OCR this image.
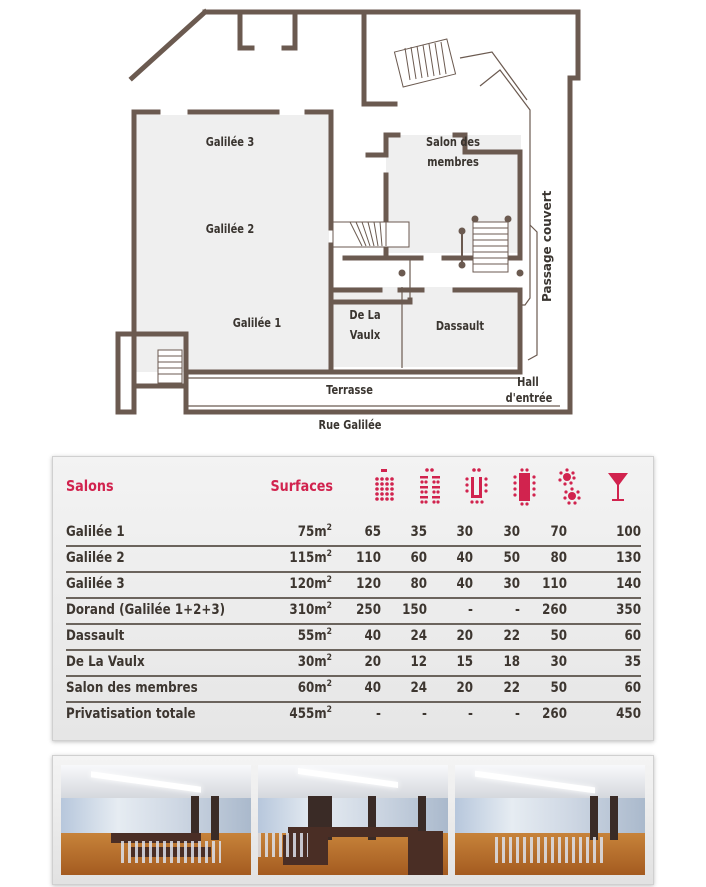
Galilée 3
Galilée 2
Galilée 1
Salon des
membres
De La
Vaulx
Dassault
Terrasse
Hall
d'entrée
Passage couvert
Rue Galilée
Salons	Surfaces
Galilée 1	$75m^2$	65	35	30	30	70	100
Galilée 2	$115m^2$	110	60	40	50	80	130
Galilée 3	$120m^2$	120	80	40	30	110	140
Dorand (Galilée 1+2+3)	$310m^2$	250	150	-	-	260	350
Dassault	$55m^2$	40	24	20	22	50	60
De La Vaulx	$30m^2$	20	12	15	18	30	35
Salon des membres	$60m^2$	40	24	20	22	50	60
Privatisation totale	$455m^2$	-	-	-	-	260	450
